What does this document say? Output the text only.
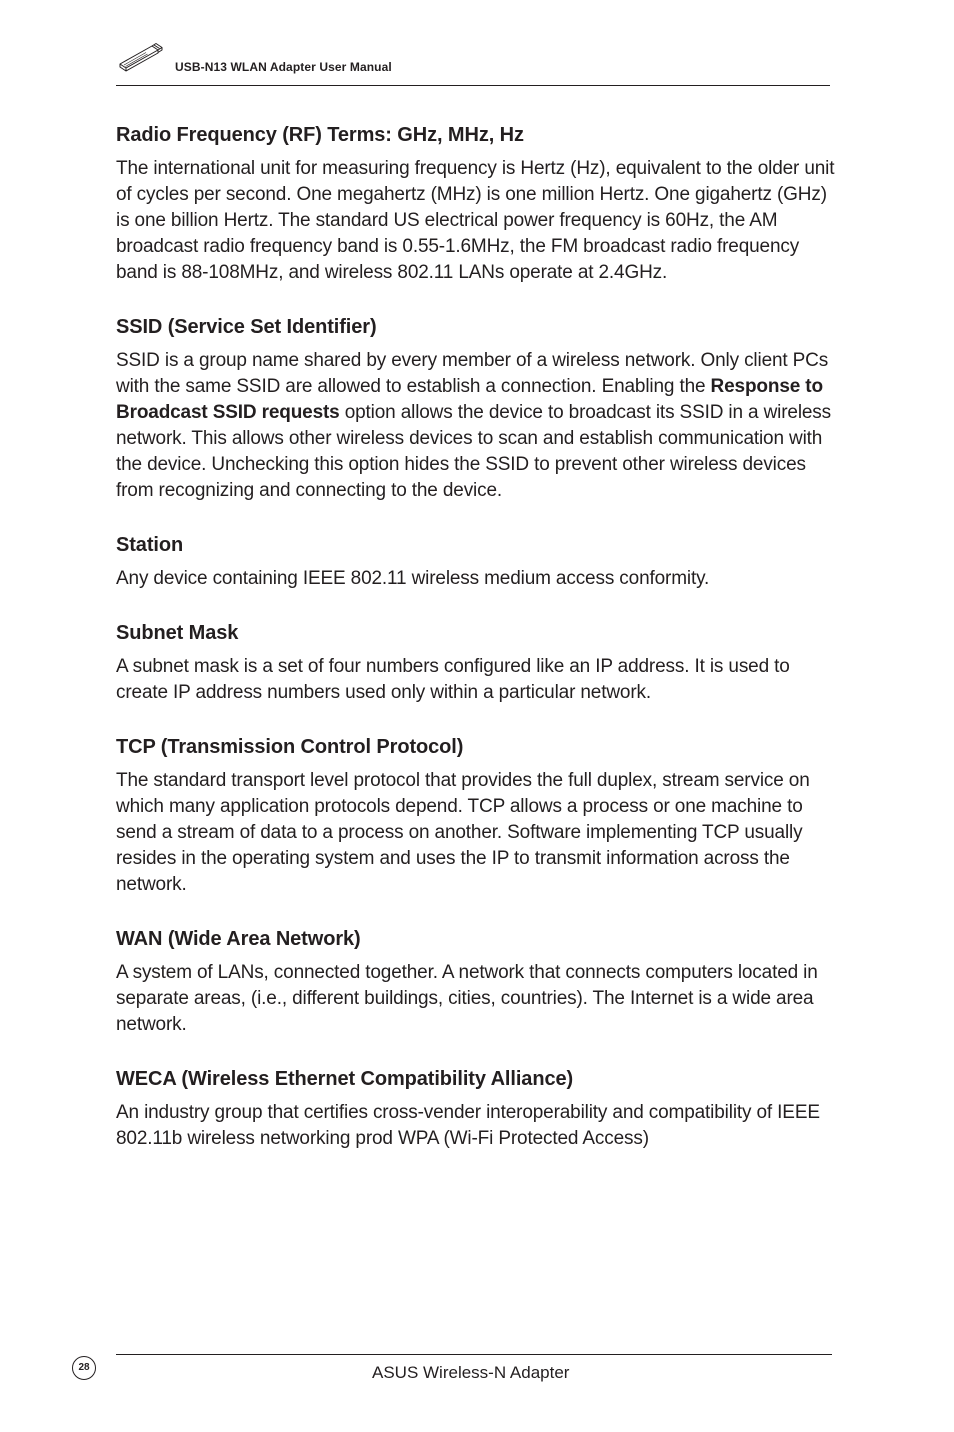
USB-N13 WLAN Adapter User Manual
Radio Frequency (RF) Terms: GHz, MHz, Hz

The international unit for measuring frequency is Hertz (Hz), equivalent to the older unit of cycles per second. One megahertz (MHz) is one million Hertz. One gigahertz (GHz) is one billion Hertz. The standard US electrical power frequency is 60Hz, the AM broadcast radio frequency band is 0.55-1.6MHz, the FM broadcast radio frequency band is 88-108MHz, and wireless 802.11 LANs operate at 2.4GHz.

SSID (Service Set Identifier)

SSID is a group name shared by every member of a wireless network. Only client PCs with the same SSID are allowed to establish a connection. Enabling the Response to Broadcast SSID requests option allows the device to broadcast its SSID in a wireless network. This allows other wireless devices to scan and establish communication with the device. Unchecking this option hides the SSID to prevent other wireless devices from recognizing and connecting to the device.

Station

Any device containing IEEE 802.11 wireless medium access conformity.

Subnet Mask

A subnet mask is a set of four numbers configured like an IP address. It is used to create IP address numbers used only within a particular network.

TCP (Transmission Control Protocol)

The standard transport level protocol that provides the full duplex, stream service on which many application protocols depend. TCP allows a process or one machine to send a stream of data to a process on another. Software implementing TCP usually resides in the operating system and uses the IP to transmit information across the network.

WAN (Wide Area Network)

A system of LANs, connected together. A network that connects computers located in separate areas, (i.e., different buildings, cities, countries). The Internet is a wide area network.

WECA (Wireless Ethernet Compatibility Alliance)

An industry group that certifies cross-vender interoperability and compatibility of IEEE 802.11b wireless networking prod WPA (Wi-Fi Protected Access)

28	ASUS Wireless-N Adapter
